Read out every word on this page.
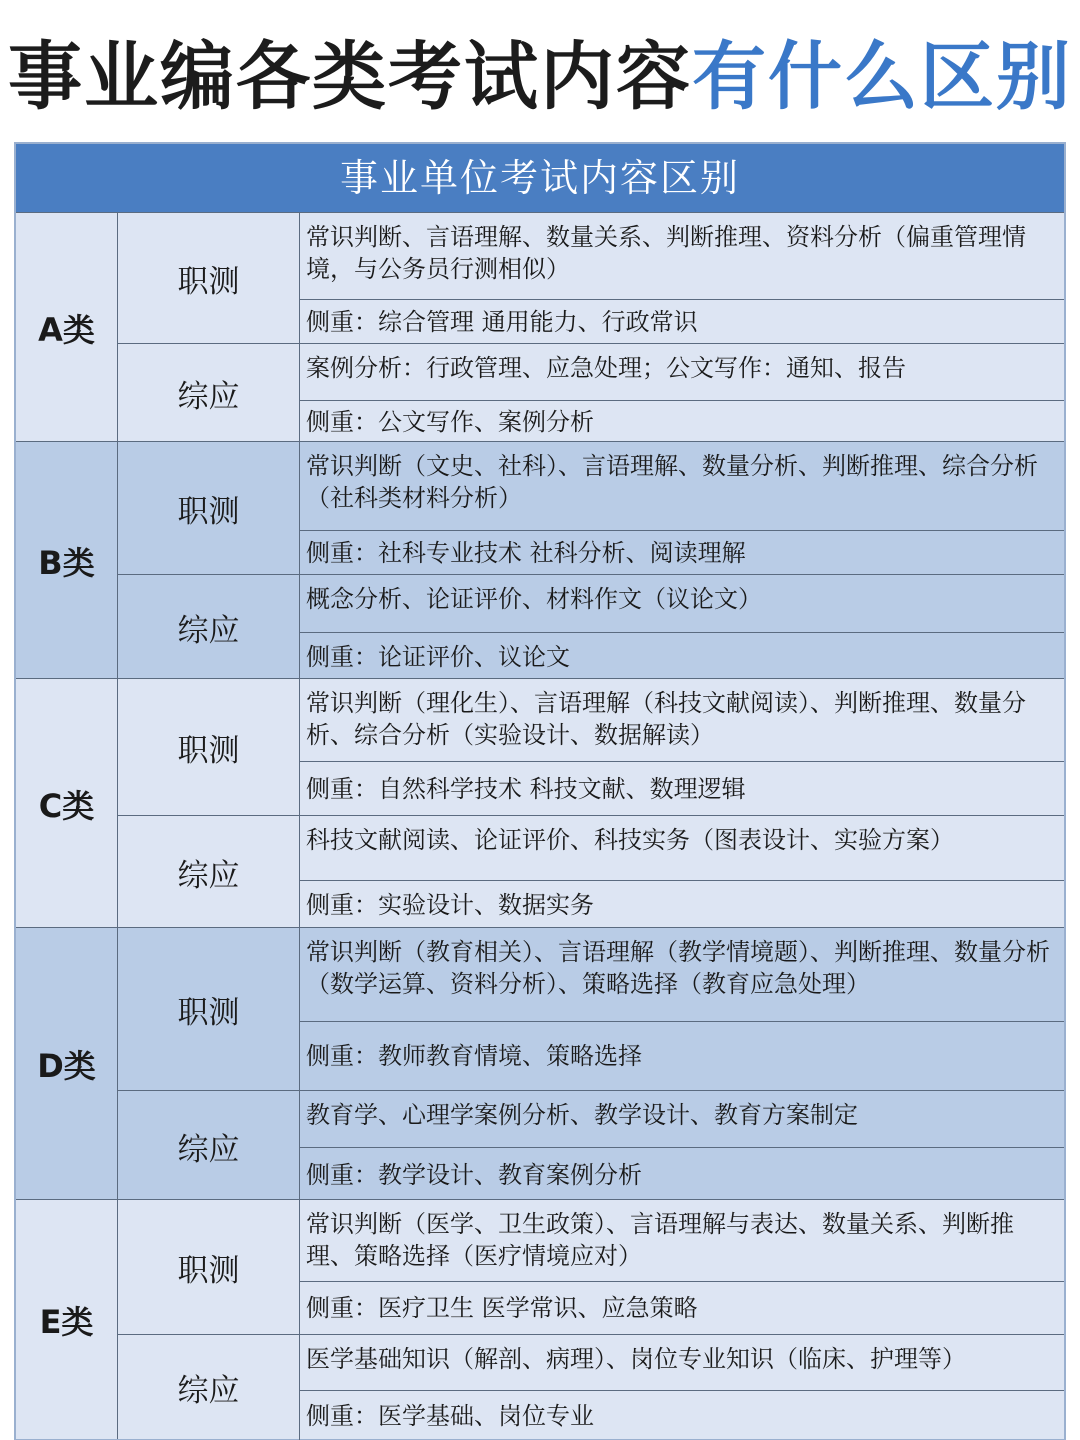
事业编各类考试内容有什么区别
事业单位考试内容区别
A类
职测
常识判断、言语理解、数量关系、判断推理、资料分析（偏重管理情境，与公务员行测相似）
侧重：综合管理 通用能力、行政常识
综应
案例分析：行政管理、应急处理；公文写作：通知、报告
侧重：公文写作、案例分析
B类
职测
常识判断（文史、社科）、言语理解、数量分析、判断推理、综合分析（社科类材料分析）
侧重：社科专业技术 社科分析、阅读理解
综应
概念分析、论证评价、材料作文（议论文）
侧重：论证评价、议论文
C类
职测
常识判断（理化生）、言语理解（科技文献阅读）、判断推理、数量分析、综合分析（实验设计、数据解读）
侧重：自然科学技术 科技文献、数理逻辑
综应
科技文献阅读、论证评价、科技实务（图表设计、实验方案）
侧重：实验设计、数据实务
D类
职测
常识判断（教育相关）、言语理解（教学情境题）、判断推理、数量分析（数学运算、资料分析）、策略选择（教育应急处理）
侧重：教师教育情境、策略选择
综应
教育学、心理学案例分析、教学设计、教育方案制定
侧重：教学设计、教育案例分析
E类
职测
常识判断（医学、卫生政策）、言语理解与表达、数量关系、判断推理、策略选择（医疗情境应对）
侧重：医疗卫生 医学常识、应急策略
综应
医学基础知识（解剖、病理）、岗位专业知识（临床、护理等）
侧重：医学基础、岗位专业
